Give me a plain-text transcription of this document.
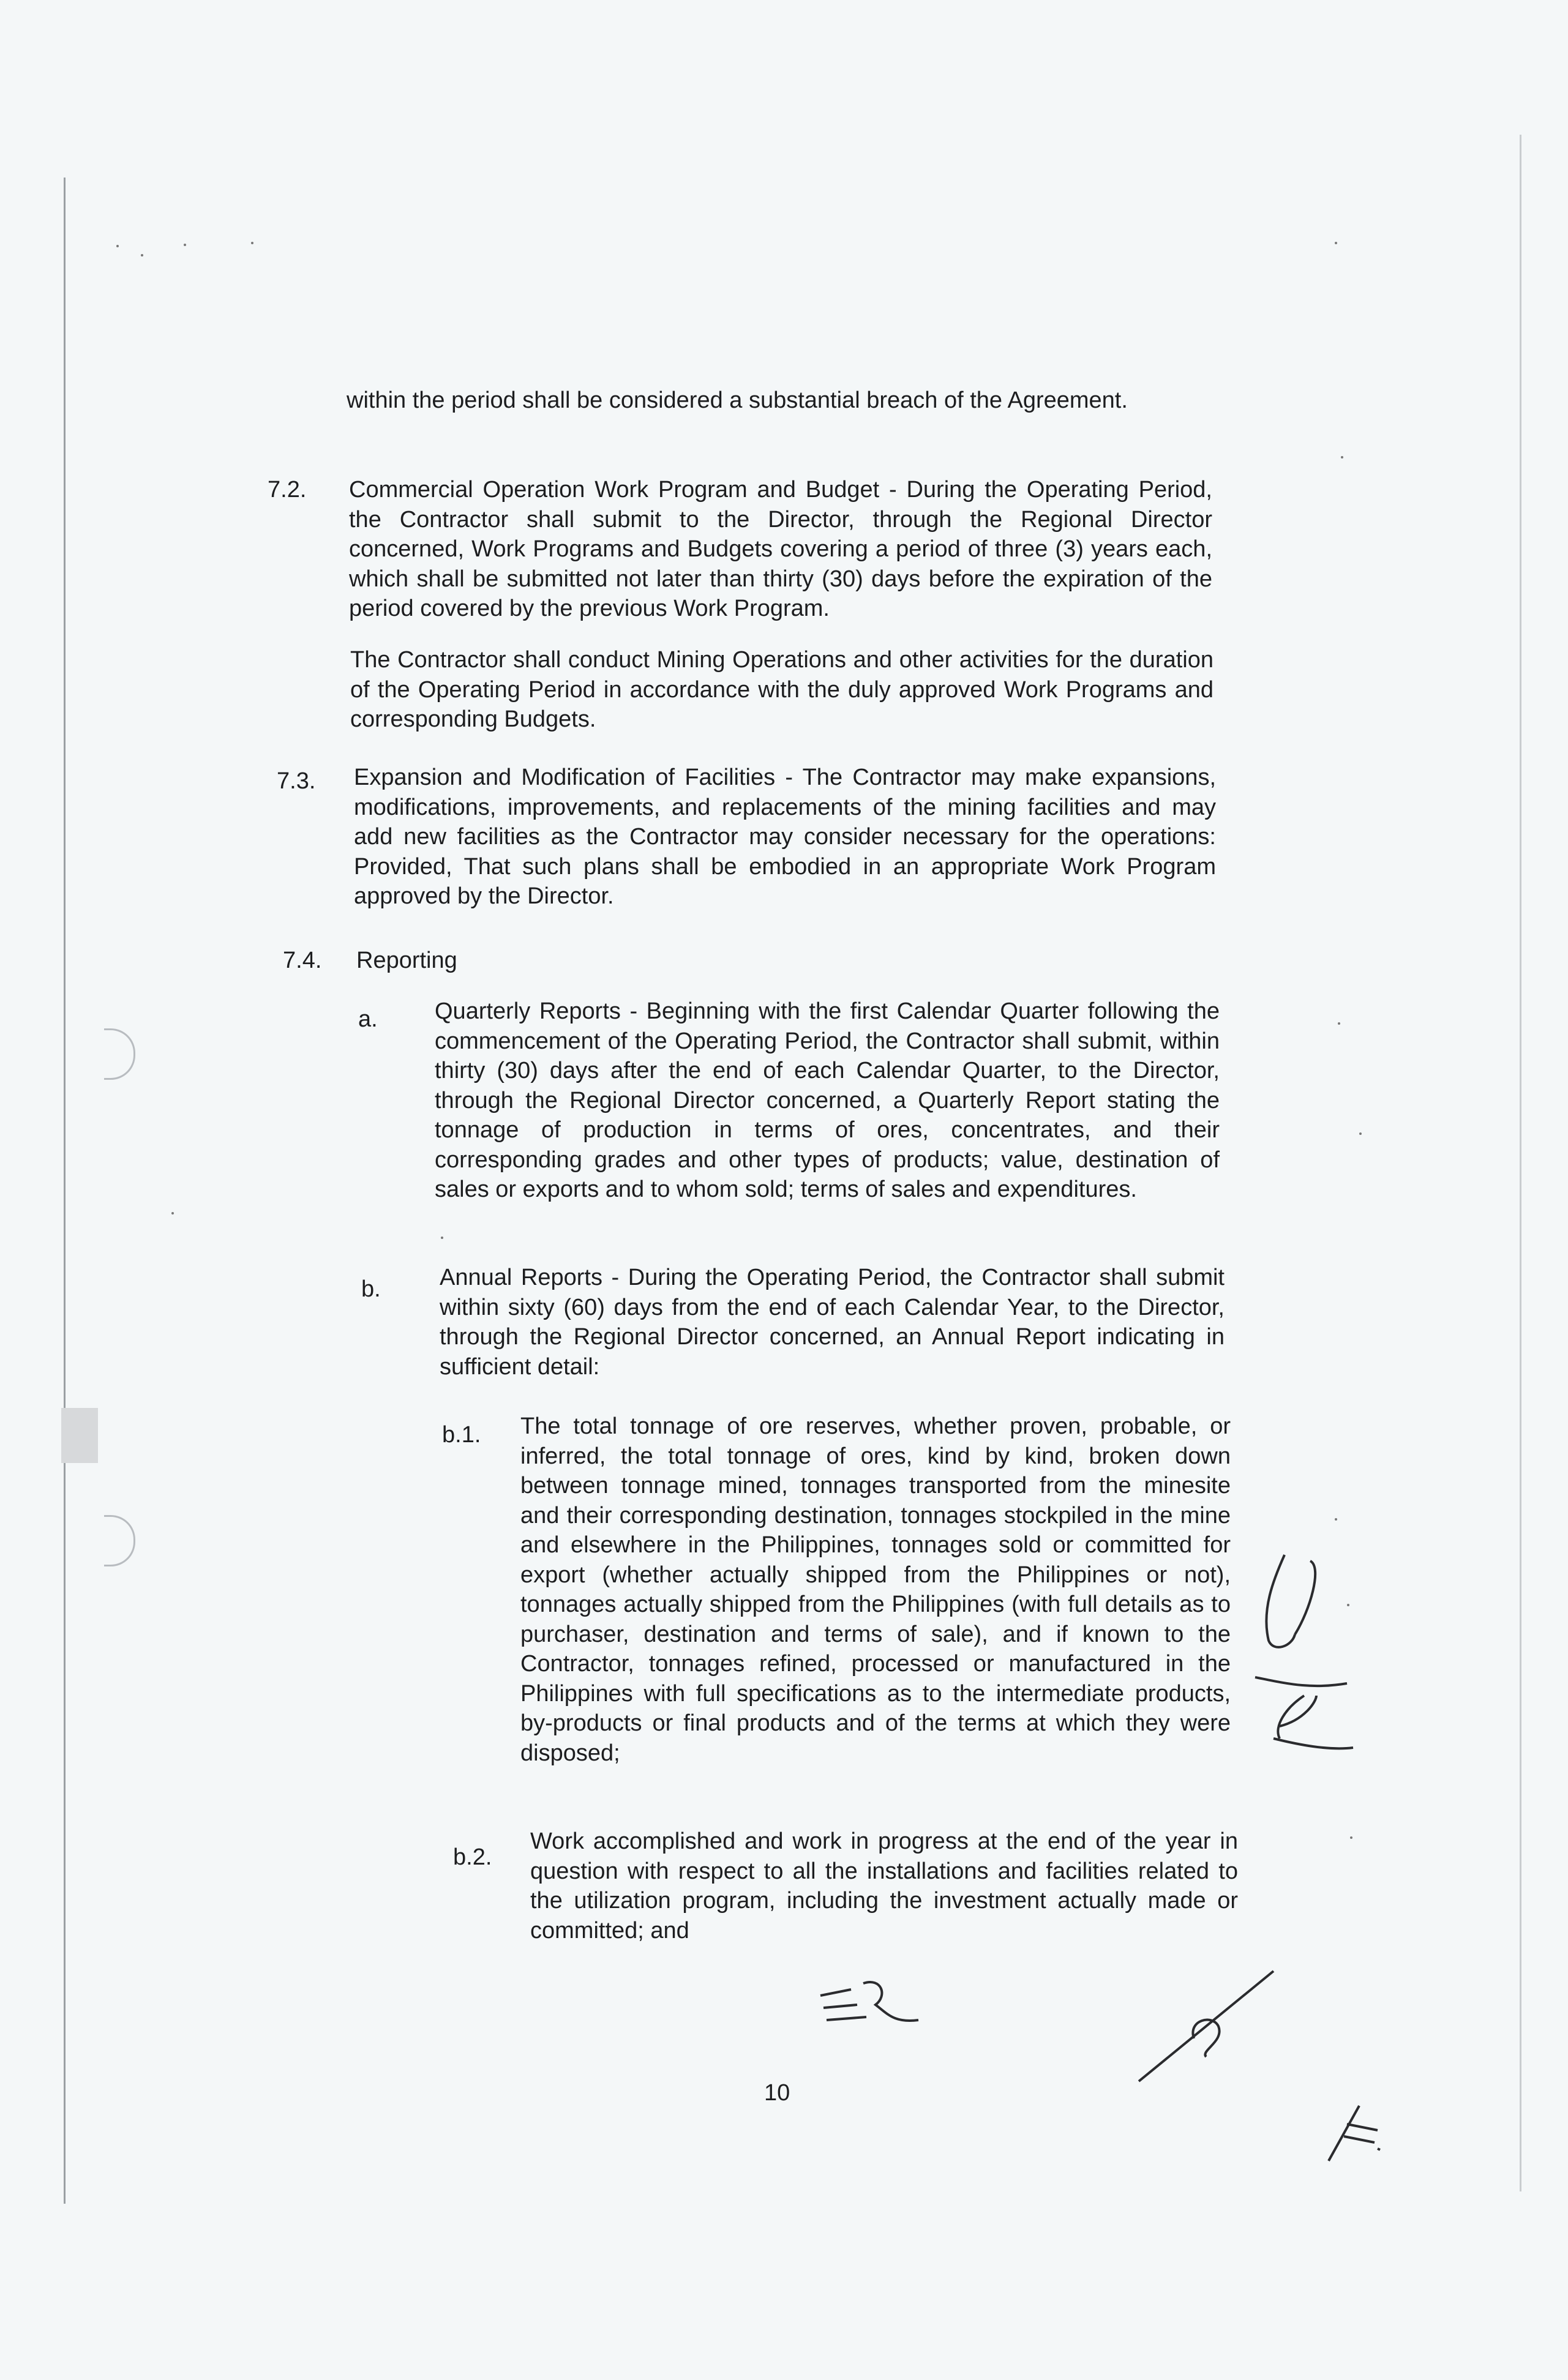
within the period shall be considered a substantial breach of the Agreement.
7.2. Commercial Operation Work Program and Budget - During the Operating Period, the Contractor shall submit to the Director, through the Regional Director concerned, Work Programs and Budgets covering a period of three (3) years each, which shall be submitted not later than thirty (30) days before the expiration of the period covered by the previous Work Program.
The Contractor shall conduct Mining Operations and other activities for the duration of the Operating Period in accordance with the duly approved Work Programs and corresponding Budgets.
7.3. Expansion and Modification of Facilities - The Contractor may make expansions, modifications, improvements, and replacements of the mining facilities and may add new facilities as the Contractor may consider necessary for the operations: Provided, That such plans shall be embodied in an appropriate Work Program approved by the Director.
7.4. Reporting
a. Quarterly Reports - Beginning with the first Calendar Quarter following the commencement of the Operating Period, the Contractor shall submit, within thirty (30) days after the end of each Calendar Quarter, to the Director, through the Regional Director concerned, a Quarterly Report stating the tonnage of production in terms of ores, concentrates, and their corresponding grades and other types of products; value, destination of sales or exports and to whom sold; terms of sales and expenditures.
b.	Annual Reports - During the Operating Period, the Contractor shall submit within sixty (60) days from the end of each Calendar Year, to the Director, through the Regional Director concerned, an Annual Report indicating in sufficient detail:
b.1. The total tonnage of ore reserves, whether proven, probable, or inferred, the total tonnage of ores, kind by kind, broken down between tonnage mined, tonnages transported from the minesite and their corresponding destination, tonnages stockpiled in the mine and elsewhere in the Philippines, tonnages sold or committed for export (whether actually shipped from the Philippines or not), tonnages actually shipped from the Philippines (with full details as to purchaser, destination and terms of sale), and if known to the Contractor, tonnages refined, processed or manufactured in the Philippines with full specifications as to the intermediate products, by-products or final products and of the terms at which they were disposed;
b.2.
Work accomplished and work in progress at the end of the year in question with respect to all the installations and facilities related to the utilization program, including the investment actually made or committed; and
10
